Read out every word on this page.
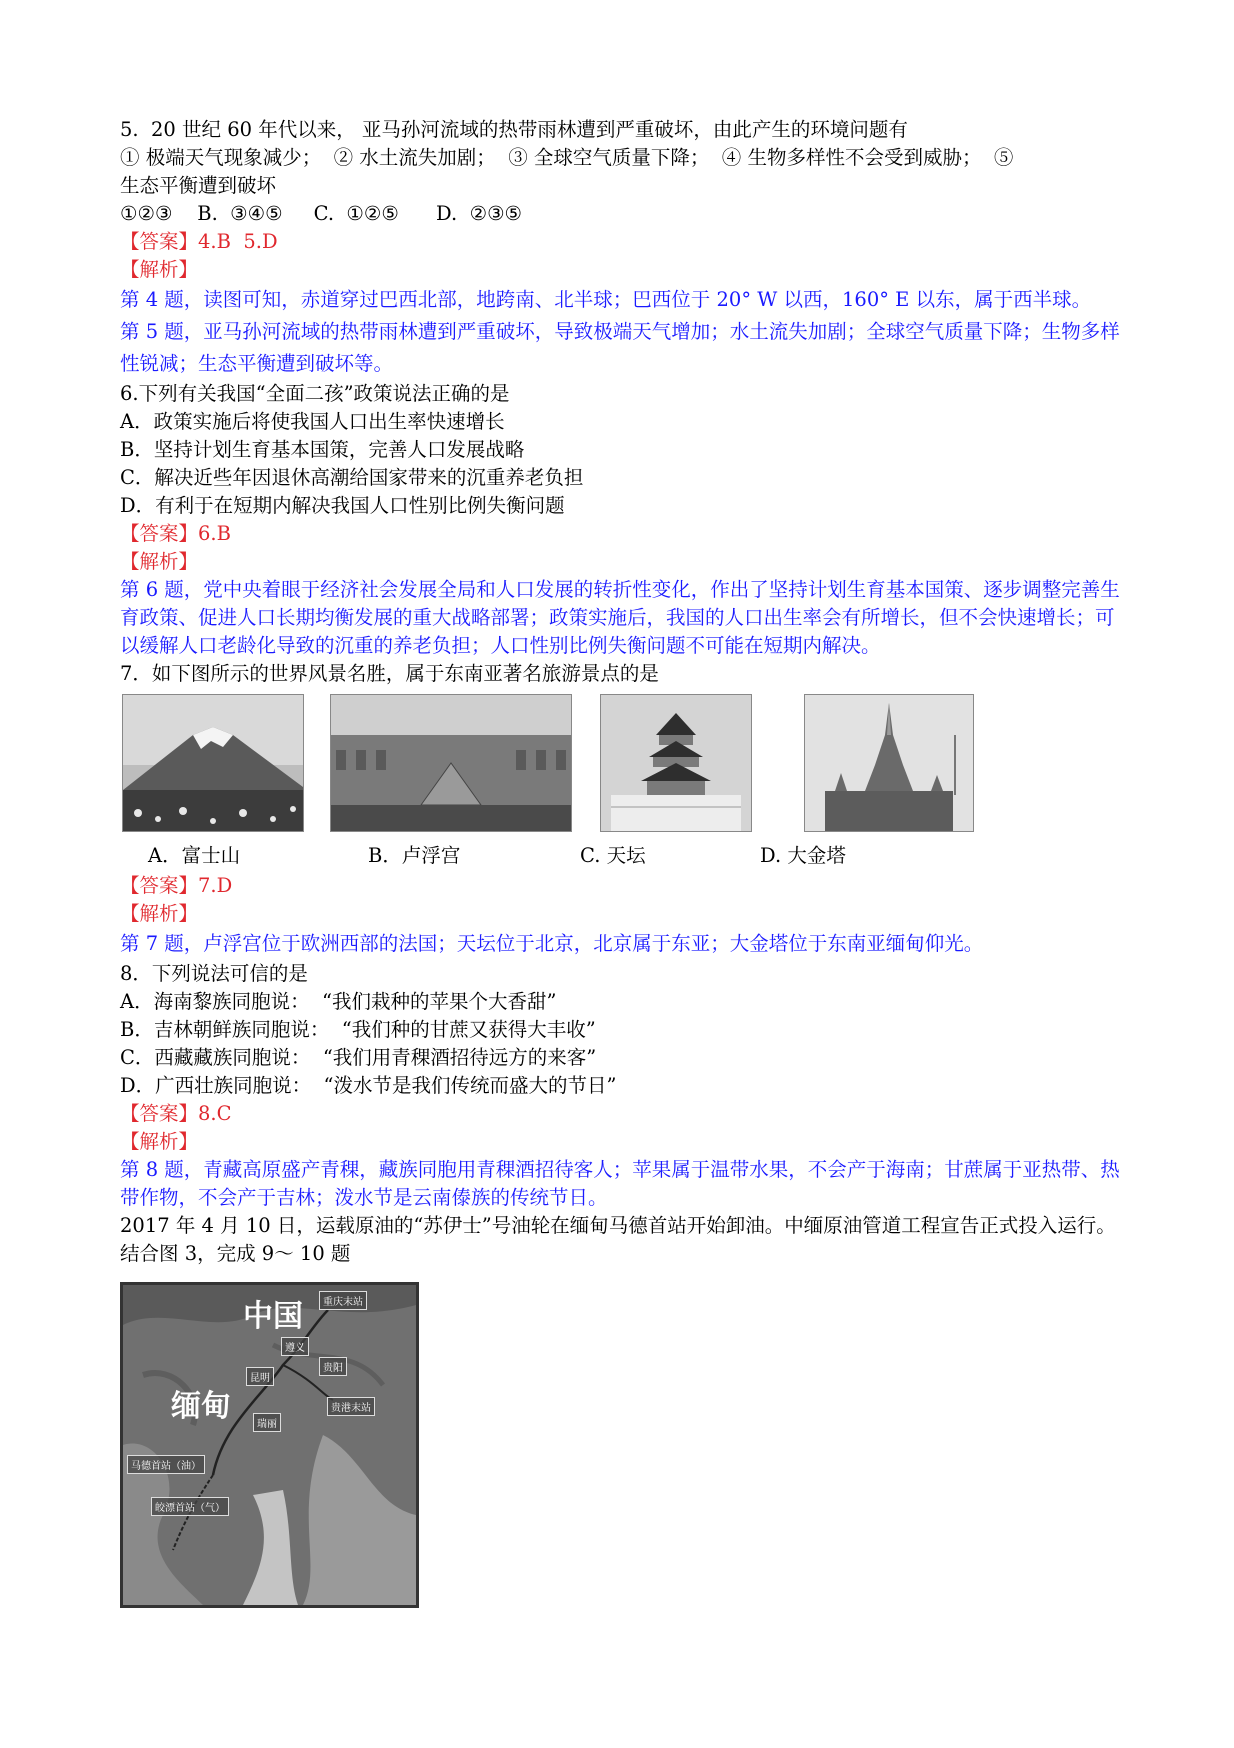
5.  20 世纪 60 年代以来， 亚马孙河流域的热带雨林遭到严重破坏，由此产生的环境问题有
① 极端天气现象减少；  ② 水土流失加剧；  ③ 全球空气质量下降；  ④ 生物多样性不会受到威胁；  ⑤
生态平衡遭到破坏
①②③    B.  ③④⑤     C.  ①②⑤      D.  ②③⑤
【答案】4.B  5.D
【解析】
第 4 题，读图可知，赤道穿过巴西北部，地跨南、北半球；巴西位于 20° W 以西，160° E 以东，属于西半球。
第 5 题，亚马孙河流域的热带雨林遭到严重破坏，导致极端天气增加；水土流失加剧；全球空气质量下降；生物多样性锐减；生态平衡遭到破坏等。
6.下列有关我国“全面二孩”政策说法正确的是
A．政策实施后将使我国人口出生率快速增长
B．坚持计划生育基本国策，完善人口发展战略
C．解决近些年因退休高潮给国家带来的沉重养老负担
D．有利于在短期内解决我国人口性别比例失衡问题
【答案】6.B
【解析】
第 6 题，党中央着眼于经济社会发展全局和人口发展的转折性变化，作出了坚持计划生育基本国策、逐步调整完善生育政策、促进人口长期均衡发展的重大战略部署；政策实施后，我国的人口出生率会有所增长，但不会快速增长；可以缓解人口老龄化导致的沉重的养老负担；人口性别比例失衡问题不可能在短期内解决。
7．如下图所示的世界风景名胜，属于东南亚著名旅游景点的是
A．富士山	B．卢浮宫	C. 天坛	D. 大金塔
【答案】7.D
【解析】
第 7 题，卢浮宫位于欧洲西部的法国；天坛位于北京，北京属于东亚；大金塔位于东南亚缅甸仰光。
8．下列说法可信的是
A．海南黎族同胞说：  “我们栽种的苹果个大香甜”
B．吉林朝鲜族同胞说：  “我们种的甘蔗又获得大丰收”
C．西藏藏族同胞说：  “我们用青稞酒招待远方的来客”
D．广西壮族同胞说：  “泼水节是我们传统而盛大的节日”
【答案】8.C
【解析】
第 8 题，青藏高原盛产青稞，藏族同胞用青稞酒招待客人；苹果属于温带水果，不会产于海南；甘蔗属于亚热带、热带作物，不会产于吉林；泼水节是云南傣族的传统节日。
2017 年 4 月 10 日，运载原油的“苏伊士”号油轮在缅甸马德首站开始卸油。中缅原油管道工程宣告正式投入运行。结合图 3，完成 9～ 10 题
中国
缅甸
重庆末站
遵义
贵阳
昆明
瑞丽
贵港末站
马德首站（油）
皎漂首站（气）
